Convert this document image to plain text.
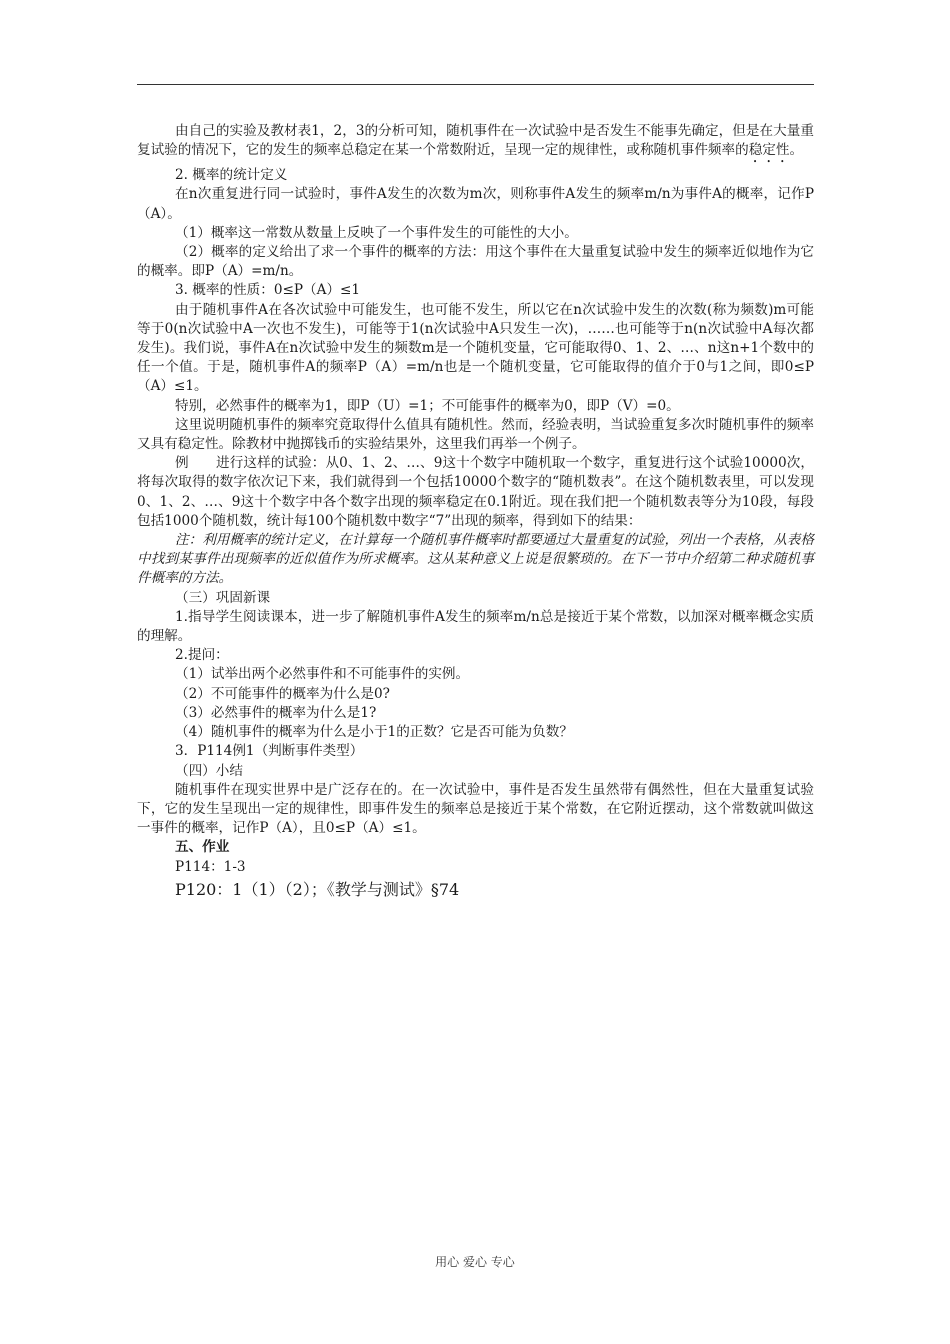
由自己的实验及教材表1，2，3的分析可知，随机事件在一次试验中是否发生不能事先确定，但是在大量重复试验的情况下，它的发生的频率总稳定在某一个常数附近，呈现一定的规律性，或称随机事件频率的稳定性。

2. 概率的统计定义

在n次重复进行同一试验时，事件A发生的次数为m次，则称事件A发生的频率m/n为事件A的概率，记作P（A）。

（1）概率这一常数从数量上反映了一个事件发生的可能性的大小。

（2）概率的定义给出了求一个事件的概率的方法：用这个事件在大量重复试验中发生的频率近似地作为它的概率。即P（A）=m/n。

3. 概率的性质：0≤P（A）≤1

由于随机事件A在各次试验中可能发生，也可能不发生，所以它在n次试验中发生的次数(称为频数)m可能等于0(n次试验中A一次也不发生)，可能等于1(n次试验中A只发生一次)，……也可能等于n(n次试验中A每次都发生)。我们说，事件A在n次试验中发生的频数m是一个随机变量，它可能取得0、1、2、…、n这n+1个数中的任一个值。于是，随机事件A的频率P（A）=m/n也是一个随机变量，它可能取得的值介于0与1之间，即0≤P （A）≤1。

特别，必然事件的概率为1，即P（U）=1；不可能事件的概率为0，即P（V）=0。

这里说明随机事件的频率究竟取得什么值具有随机性。然而，经验表明，当试验重复多次时随机事件的频率又具有稳定性。除教材中抛掷钱币的实验结果外，这里我们再举一个例子。

例　　进行这样的试验：从0、1、2、…、9这十个数字中随机取一个数字，重复进行这个试验10000次，将每次取得的数字依次记下来，我们就得到一个包括10000个数字的“随机数表”。在这个随机数表里，可以发现0、1、2、…、9这十个数字中各个数字出现的频率稳定在0.1附近。现在我们把一个随机数表等分为10段，每段包括1000个随机数，统计每100个随机数中数字“7”出现的频率，得到如下的结果：

注：利用概率的统计定义，在计算每一个随机事件概率时都要通过大量重复的试验，列出一个表格，从表格中找到某事件出现频率的近似值作为所求概率。这从某种意义上说是很繁琐的。在下一节中介绍第二种求随机事件概率的方法。

（三）巩固新课

1.指导学生阅读课本，进一步了解随机事件A发生的频率m/n总是接近于某个常数，以加深对概率概念实质的理解。

2.提问：

（1）试举出两个必然事件和不可能事件的实例。

（2）不可能事件的概率为什么是0?

（3）必然事件的概率为什么是1?

（4）随机事件的概率为什么是小于1的正数？它是否可能为负数？

3．P114例1（判断事件类型）

（四）小结

随机事件在现实世界中是广泛存在的。在一次试验中，事件是否发生虽然带有偶然性，但在大量重复试验下，它的发生呈现出一定的规律性，即事件发生的频率总是接近于某个常数，在它附近摆动，这个常数就叫做这一事件的概率，记作P（A），且0≤P（A）≤1。

五、作业

P114：1-3

P120：1（1）（2）；《教学与测试》§74

用心 爱心 专心
